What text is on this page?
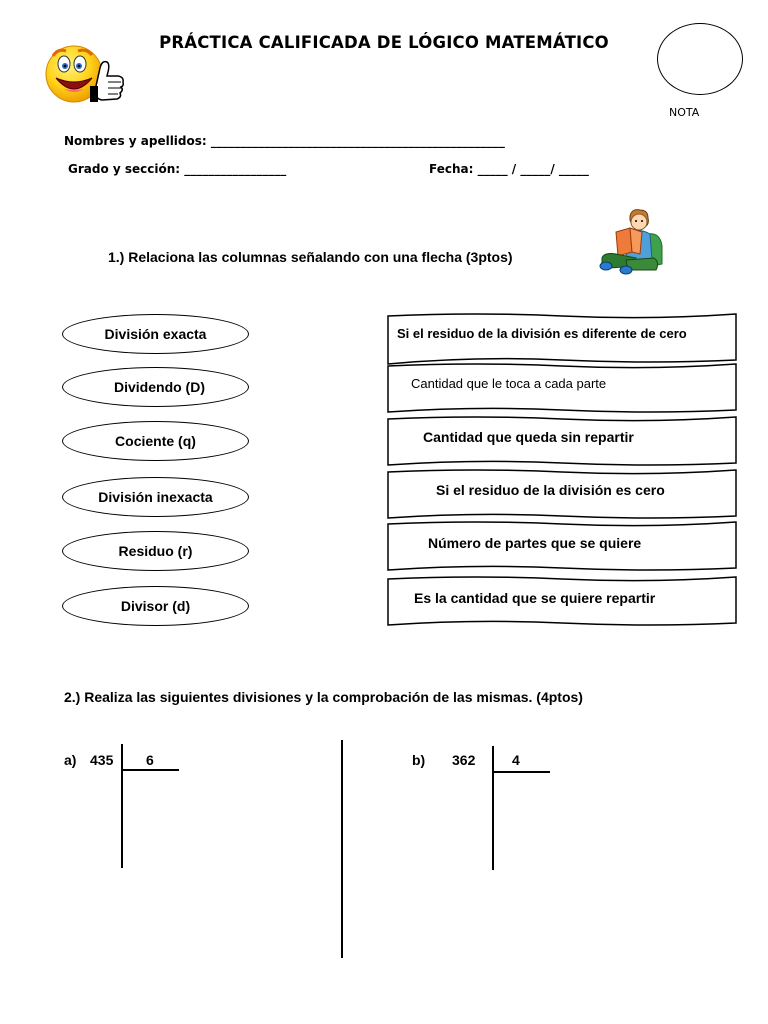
PRÁCTICA CALIFICADA DE LÓGICO MATEMÁTICO
NOTA
Nombres y apellidos: _________________________________________________
Grado y sección: _________________	Fecha: _____ / _____/ _____
1.) Relaciona las columnas señalando con una flecha (3ptos)
División exacta
Dividendo (D)
Cociente (q)
División inexacta
Residuo (r)
Divisor (d)
Si el residuo de la división es diferente de cero
Cantidad que le toca a cada parte
Cantidad que queda sin repartir
Si el residuo de la división es cero
Número de partes que se quiere
Es la cantidad que se quiere repartir
2.) Realiza las siguientes divisiones y la comprobación de las mismas. (4ptos)
a) 435 6	b) 362	4
